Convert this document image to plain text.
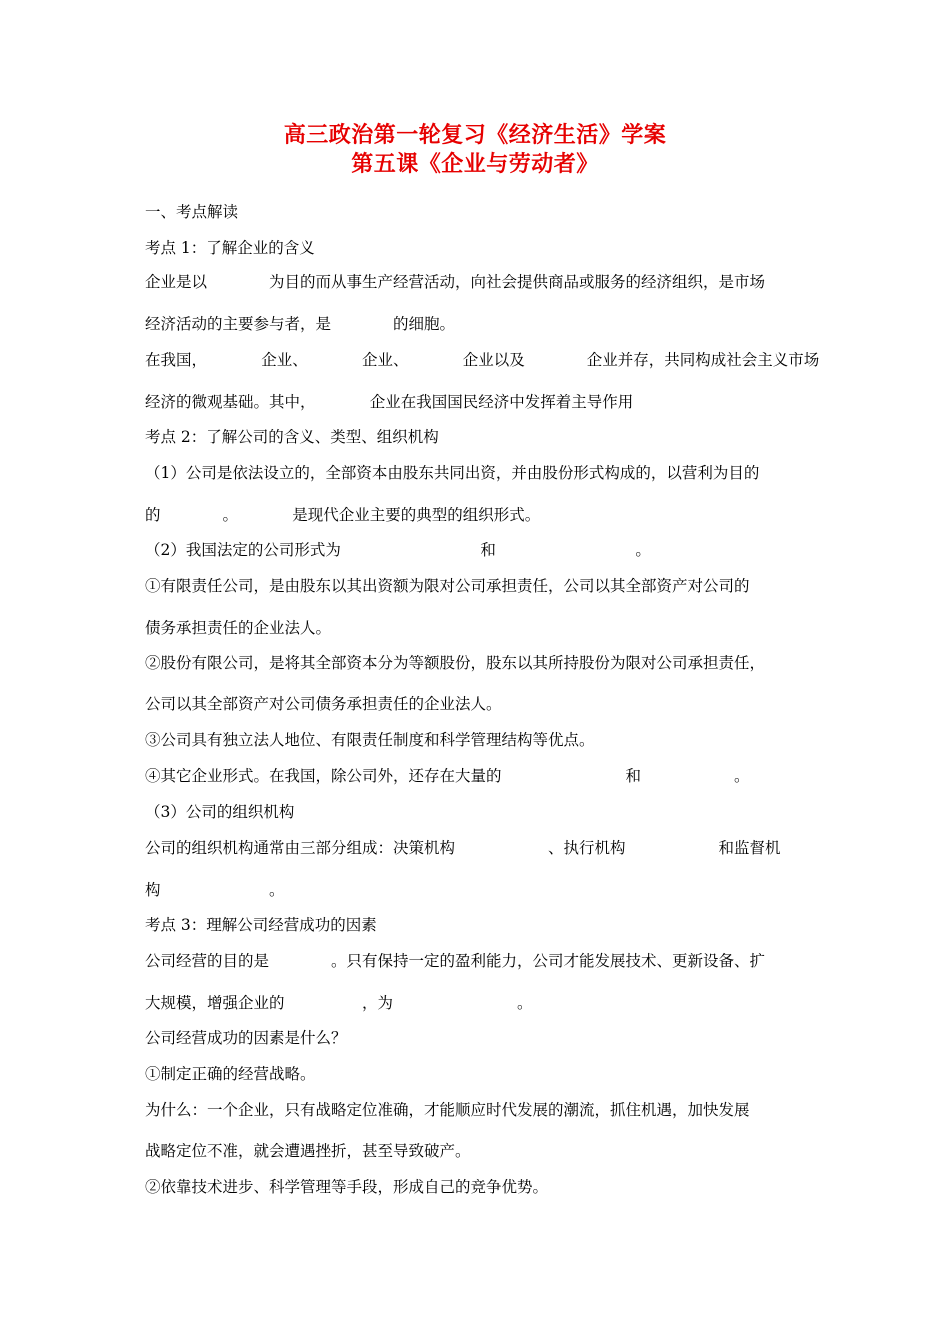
高三政治第一轮复习《经济生活》学案
第五课《企业与劳动者》
一、考点解读
考点 1：了解企业的含义
企业是以　　　　为目的而从事生产经营活动，向社会提供商品或服务的经济组织，是市场
经济活动的主要参与者，是　　　　的细胞。
在我国，　　　　企业、　　　　企业、　　　　企业以及　　　　企业并存，共同构成社会主义市场
经济的微观基础。其中，　　　　企业在我国国民经济中发挥着主导作用
考点 2：了解公司的含义、类型、组织机构
（1）公司是依法设立的，全部资本由股东共同出资，并由股份形式构成的，以营利为目的
的　　　　。　　　　是现代企业主要的典型的组织形式。
（2）我国法定的公司形式为　　　　　　　　　和　　　　　　　　　。
①有限责任公司，是由股东以其出资额为限对公司承担责任，公司以其全部资产对公司的
债务承担责任的企业法人。
②股份有限公司，是将其全部资本分为等额股份，股东以其所持股份为限对公司承担责任，
公司以其全部资产对公司债务承担责任的企业法人。
③公司具有独立法人地位、有限责任制度和科学管理结构等优点。
④其它企业形式。在我国，除公司外，还存在大量的　　　　　　　　和　　　　　　。
（3）公司的组织机构
公司的组织机构通常由三部分组成：决策机构　　　　　　、执行机构　　　　　　和监督机
构　　　　　　　。
考点 3：理解公司经营成功的因素
公司经营的目的是　　　　。只有保持一定的盈利能力，公司才能发展技术、更新设备、扩
大规模，增强企业的　　　　　，为　　　　　　　　。
公司经营成功的因素是什么？
①制定正确的经营战略。
为什么：一个企业，只有战略定位准确，才能顺应时代发展的潮流，抓住机遇，加快发展
战略定位不准，就会遭遇挫折，甚至导致破产。
②依靠技术进步、科学管理等手段，形成自己的竞争优势。
